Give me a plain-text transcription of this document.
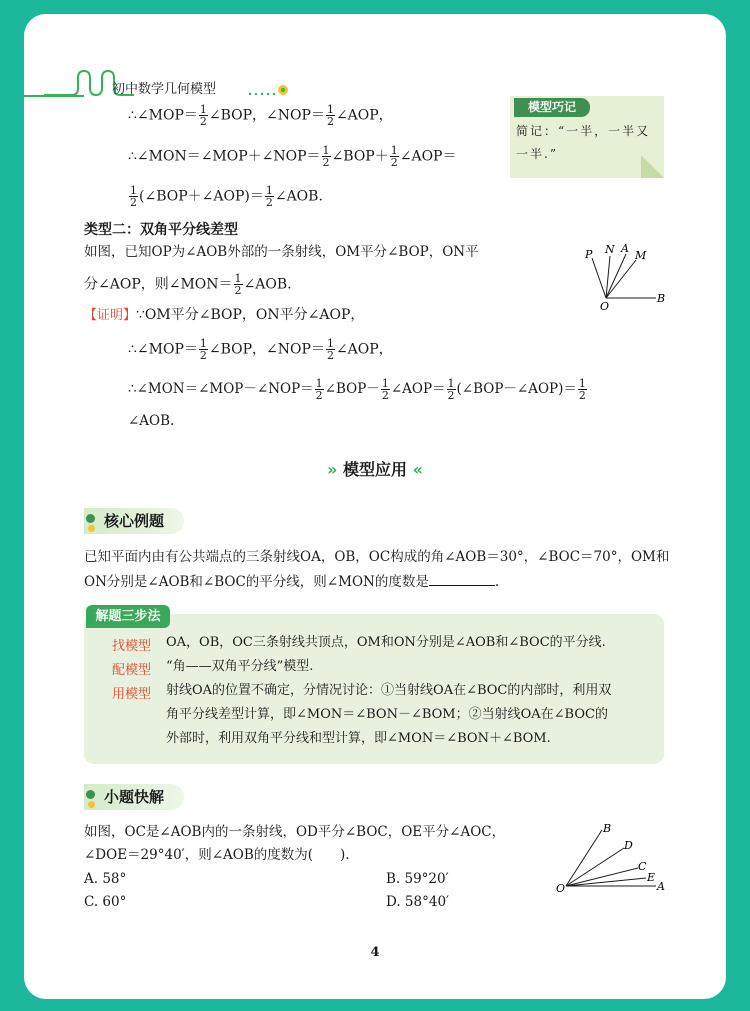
初中数学几何模型
∴∠MOP＝ $\frac{1}{2}$ ∠BOP，∠NOP＝ $\frac{1}{2}$ ∠AOP，
∴∠MON＝∠MOP＋∠NOP＝ $\frac{1}{2}$ ∠BOP＋ $\frac{1}{2}$ ∠AOP＝
$\frac{1}{2}$ (∠BOP＋∠AOP)＝ $\frac{1}{2}$ ∠AOB.
模型巧记
简记：“一半，一半又一半.”
类型二：双角平分线差型
如图，已知OP为∠AOB外部的一条射线，OM平分∠BOP，ON平
分∠AOP，则∠MON＝ $\frac{1}{2}$ ∠AOB.
P N A
M
O
B
【证明】∵OM平分∠BOP，ON平分∠AOP，
∴∠MOP＝ $\frac{1}{2}$ ∠BOP，∠NOP＝ $\frac{1}{2}$ ∠AOP，
∴∠MON＝∠MOP－∠NOP＝ $\frac{1}{2}$ ∠BOP－ $\frac{1}{2}$ ∠AOP＝ $\frac{1}{2}$ (∠BOP－∠AOP)＝ $\frac{1}{2}$
∠AOB.
» 模型应用 «
核心例题
已知平面内由有公共端点的三条射线OA，OB，OC构成的角∠AOB＝30°，∠BOC＝70°，OM和
ON分别是∠AOB和∠BOC的平分线，则∠MON的度数是	.
解题三步法
找模型 OA，OB，OC三条射线共顶点，OM和ON分别是∠AOB和∠BOC的平分线.
配模型 “角——双角平分线”模型.
用模型 射线OA的位置不确定，分情况讨论：①当射线OA在∠BOC的内部时，利用双
角平分线差型计算，即∠MON＝∠BON－∠BOM；②当射线OA在∠BOC的
外部时，利用双角平分线和型计算，即∠MON＝∠BON＋∠BOM.
小题快解
如图，OC是∠AOB内的一条射线，OD平分∠BOC，OE平分∠AOC，
∠DOE＝29°40′，则∠AOB的度数为(　　).
A. 58°	B. 59°20′
C. 60°	D. 58°40′
B
D
C
E
O	A
4
